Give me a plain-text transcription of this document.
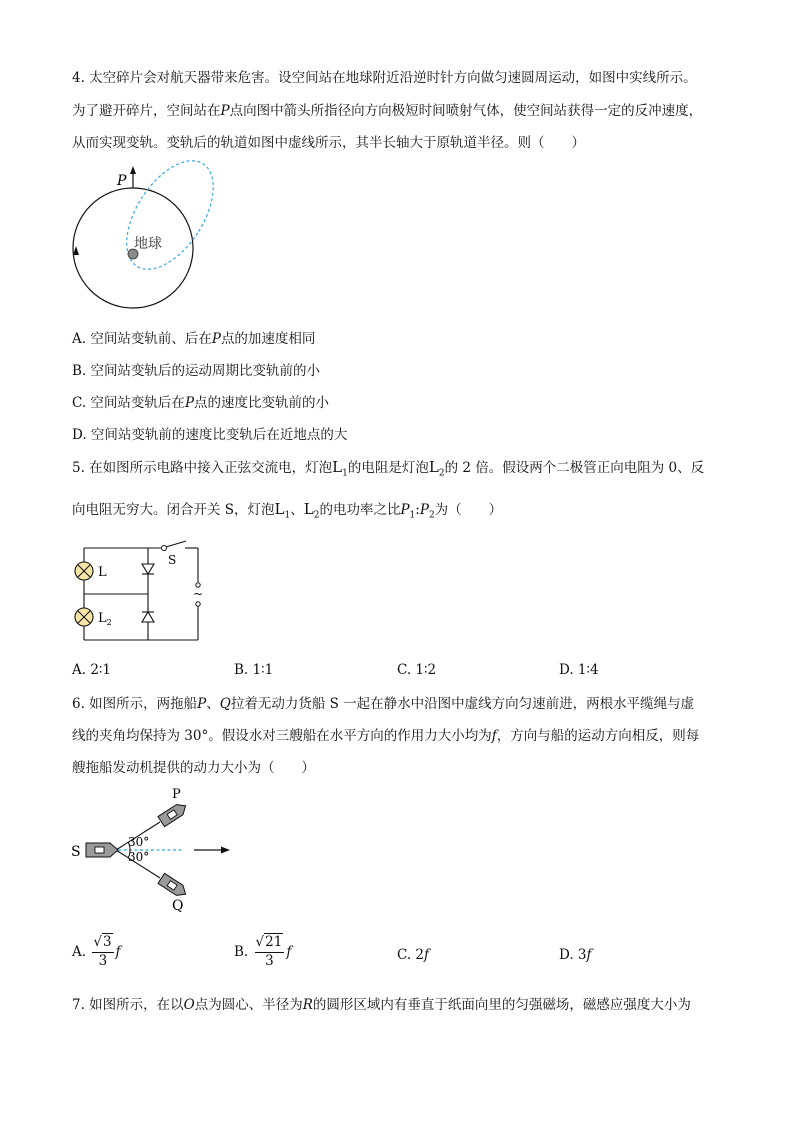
4. 太空碎片会对航天器带来危害。设空间站在地球附近沿逆时针方向做匀速圆周运动，如图中实线所示。
为了避开碎片，空间站在P点向图中箭头所指径向方向极短时间喷射气体，使空间站获得一定的反冲速度，
从而实现变轨。变轨后的轨道如图中虚线所示，其半长轴大于原轨道半径。则（　　）
P
地球
A. 空间站变轨前、后在P点的加速度相同
B. 空间站变轨后的运动周期比变轨前的小
C. 空间站变轨后在P点的速度比变轨前的小
D. 空间站变轨前的速度比变轨后在近地点的大
5. 在如图所示电路中接入正弦交流电，灯泡$L_1$的电阻是灯泡$L_2$的 2 倍。假设两个二极管正向电阻为 0、反
向电阻无穷大。闭合开关 S，灯泡$L_1$、$L_2$的电功率之比$P_1:P_2$为（　　）
S
~
L
$L_2$
A. 2∶1	B. 1∶1	C. 1∶2	D. 1∶4
6. 如图所示，两拖船P、Q拉着无动力货船 S 一起在静水中沿图中虚线方向匀速前进，两根水平缆绳与虚
线的夹角均保持为 30°。假设水对三艘船在水平方向的作用力大小均为f，方向与船的运动方向相反，则每
艘拖船发动机提供的动力大小为（　　）
30°
30°
S
P
Q
A. $\frac{√3}{3}$ f	B. $\frac{√21}{3}$ f	C. 2f	D. 3f
7. 如图所示，在以O点为圆心、半径为R的圆形区域内有垂直于纸面向里的匀强磁场，磁感应强度大小为
